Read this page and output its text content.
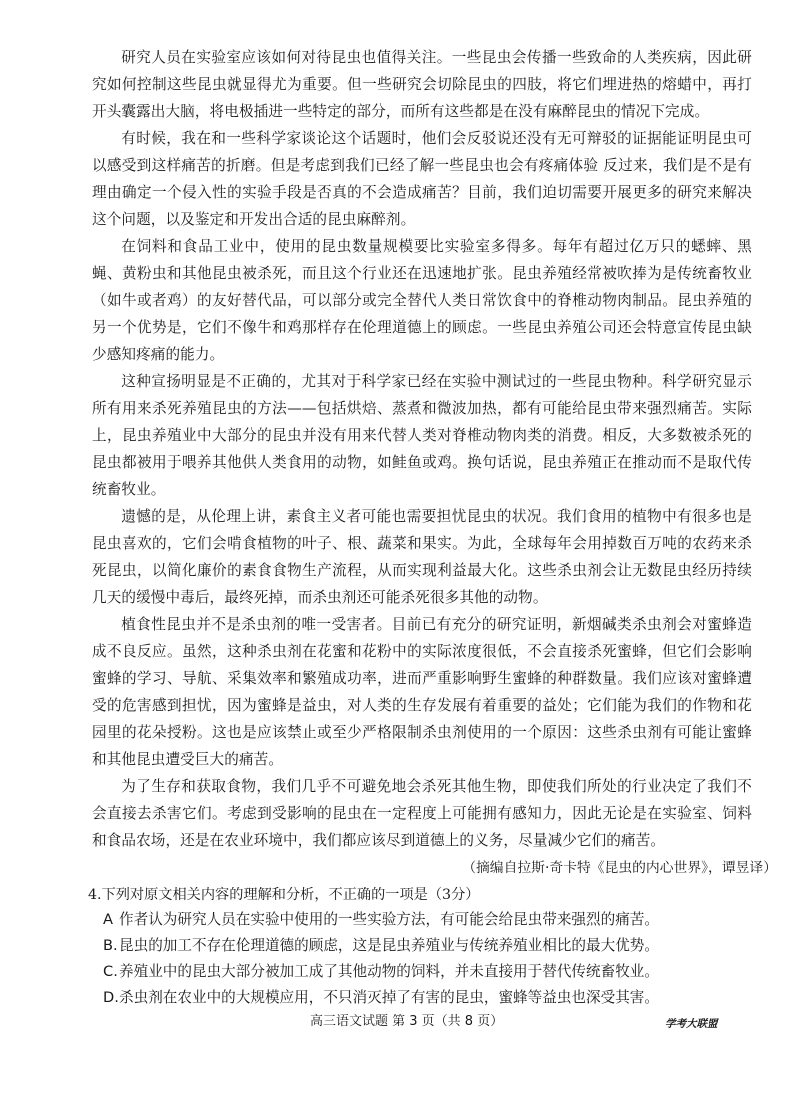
研究人员在实验室应该如何对待昆虫也值得关注。一些昆虫会传播一些致命的人类疾病，因此研究如何控制这些昆虫就显得尤为重要。但一些研究会切除昆虫的四肢，将它们埋进热的熔蜡中，再打开头囊露出大脑，将电极插进一些特定的部分，而所有这些都是在没有麻醉昆虫的情况下完成。

有时候，我在和一些科学家谈论这个话题时，他们会反驳说还没有无可辩驳的证据能证明昆虫可以感受到这样痛苦的折磨。但是考虑到我们已经了解一些昆虫也会有疼痛体验 反过来，我们是不是有理由确定一个侵入性的实验手段是否真的不会造成痛苦？目前，我们迫切需要开展更多的研究来解决这个问题，以及鉴定和开发出合适的昆虫麻醉剂。

在饲料和食品工业中，使用的昆虫数量规模要比实验室多得多。每年有超过亿万只的蟋蟀、黑蝇、黄粉虫和其他昆虫被杀死，而且这个行业还在迅速地扩张。昆虫养殖经常被吹捧为是传统畜牧业（如牛或者鸡）的友好替代品，可以部分或完全替代人类日常饮食中的脊椎动物肉制品。昆虫养殖的另一个优势是，它们不像牛和鸡那样存在伦理道德上的顾虑。一些昆虫养殖公司还会特意宣传昆虫缺少感知疼痛的能力。

这种宣扬明显是不正确的，尤其对于科学家已经在实验中测试过的一些昆虫物种。科学研究显示所有用来杀死养殖昆虫的方法——包括烘焙、蒸煮和微波加热，都有可能给昆虫带来强烈痛苦。实际上，昆虫养殖业中大部分的昆虫并没有用来代替人类对脊椎动物肉类的消费。相反，大多数被杀死的昆虫都被用于喂养其他供人类食用的动物，如鲑鱼或鸡。换句话说，昆虫养殖正在推动而不是取代传统畜牧业。

遗憾的是，从伦理上讲，素食主义者可能也需要担忧昆虫的状况。我们食用的植物中有很多也是昆虫喜欢的，它们会啃食植物的叶子、根、蔬菜和果实。为此，全球每年会用掉数百万吨的农药来杀死昆虫，以简化廉价的素食食物生产流程，从而实现利益最大化。这些杀虫剂会让无数昆虫经历持续几天的缓慢中毒后，最终死掉，而杀虫剂还可能杀死很多其他的动物。

植食性昆虫并不是杀虫剂的唯一受害者。目前已有充分的研究证明，新烟碱类杀虫剂会对蜜蜂造成不良反应。虽然，这种杀虫剂在花蜜和花粉中的实际浓度很低，不会直接杀死蜜蜂，但它们会影响蜜蜂的学习、导航、采集效率和繁殖成功率，进而严重影响野生蜜蜂的种群数量。我们应该对蜜蜂遭受的危害感到担忧，因为蜜蜂是益虫，对人类的生存发展有着重要的益处；它们能为我们的作物和花园里的花朵授粉。这也是应该禁止或至少严格限制杀虫剂使用的一个原因：这些杀虫剂有可能让蜜蜂和其他昆虫遭受巨大的痛苦。

为了生存和获取食物，我们几乎不可避免地会杀死其他生物，即使我们所处的行业决定了我们不会直接去杀害它们。考虑到受影响的昆虫在一定程度上可能拥有感知力，因此无论是在实验室、饲料和食品农场，还是在农业环境中，我们都应该尽到道德上的义务，尽量减少它们的痛苦。

（摘编自拉斯·奇卡特《昆虫的内心世界》，谭昱译）

4.下列对原文相关内容的理解和分析，不正确的一项是（3分）

A 作者认为研究人员在实验中使用的一些实验方法，有可能会给昆虫带来强烈的痛苦。
B. 昆虫的加工不存在伦理道德的顾虑，这是昆虫养殖业与传统养殖业相比的最大优势。
C. 养殖业中的昆虫大部分被加工成了其他动物的饲料，并未直接用于替代传统畜牧业。
D. 杀虫剂在农业中的大规模应用，不只消灭掉了有害的昆虫，蜜蜂等益虫也深受其害。
高三语文试题 第 3 页（共 8 页）	学考大联盟
